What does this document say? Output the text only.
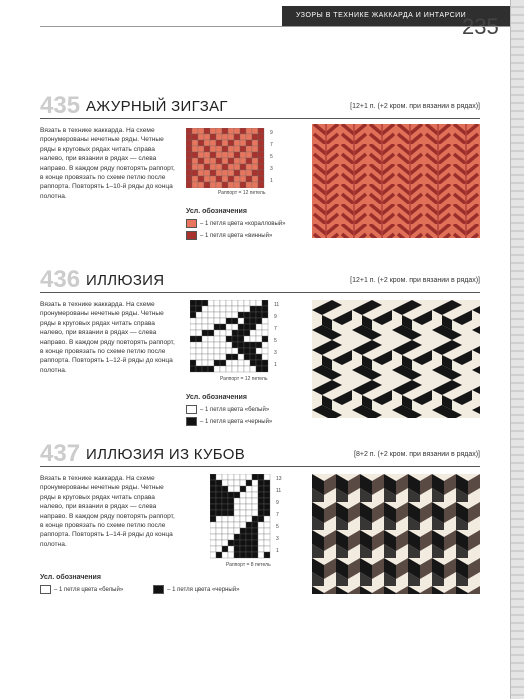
УЗОРЫ В ТЕХНИКЕ ЖАККАРДА И ИНТАРСИИ
235
435 АЖУРНЫЙ ЗИГЗАГ	[12+1 п. (+2 кром. при вязании в рядах)]

Вязать в технике жаккарда. На схеме пронумерованы нечетные ряды. Четные ряды в круговых рядах читать справа налево, при вязании в рядах — слева направо. В каждом ряду повторять раппорт, в конце провязать по схеме петлю после раппорта. Повторять 1–10-й ряды до конца полотна.

9
7
5
3
1
Раппорт = 12 петель
Усл. обозначения
– 1 петля цвета «коралловый»
– 1 петля цвета «винный»
436 ИЛЛЮЗИЯ	[12+1 п. (+2 кром. при вязании в рядах)]

Вязать в технике жаккарда. На схеме пронумерованы нечетные ряды. Четные ряды в круговых рядах читать справа налево, при вязании в рядах — слева направо. В каждом ряду повторять раппорт, в конце провязать по схеме петлю после раппорта. Повторять 1–12-й ряды до конца полотна.

11
9
7
5
3
1
Раппорт = 12 петель
Усл. обозначения
– 1 петля цвета «белый»
– 1 петля цвета «черный»
437 ИЛЛЮЗИЯ ИЗ КУБОВ	[8+2 п. (+2 кром. при вязании в рядах)]

Вязать в технике жаккарда. На схеме пронумерованы нечетные ряды. Четные ряды в круговых рядах читать справа налево, при вязании в рядах — слева направо. В каждом ряду повторять раппорт, в конце провязать по схеме петлю после раппорта. Повторять 1–14-й ряды до конца полотна.

13
11
9
7
5
3
1
Раппорт = 8 петель
Усл. обозначения
– 1 петля цвета «белый»	– 1 петля цвета «черный»
